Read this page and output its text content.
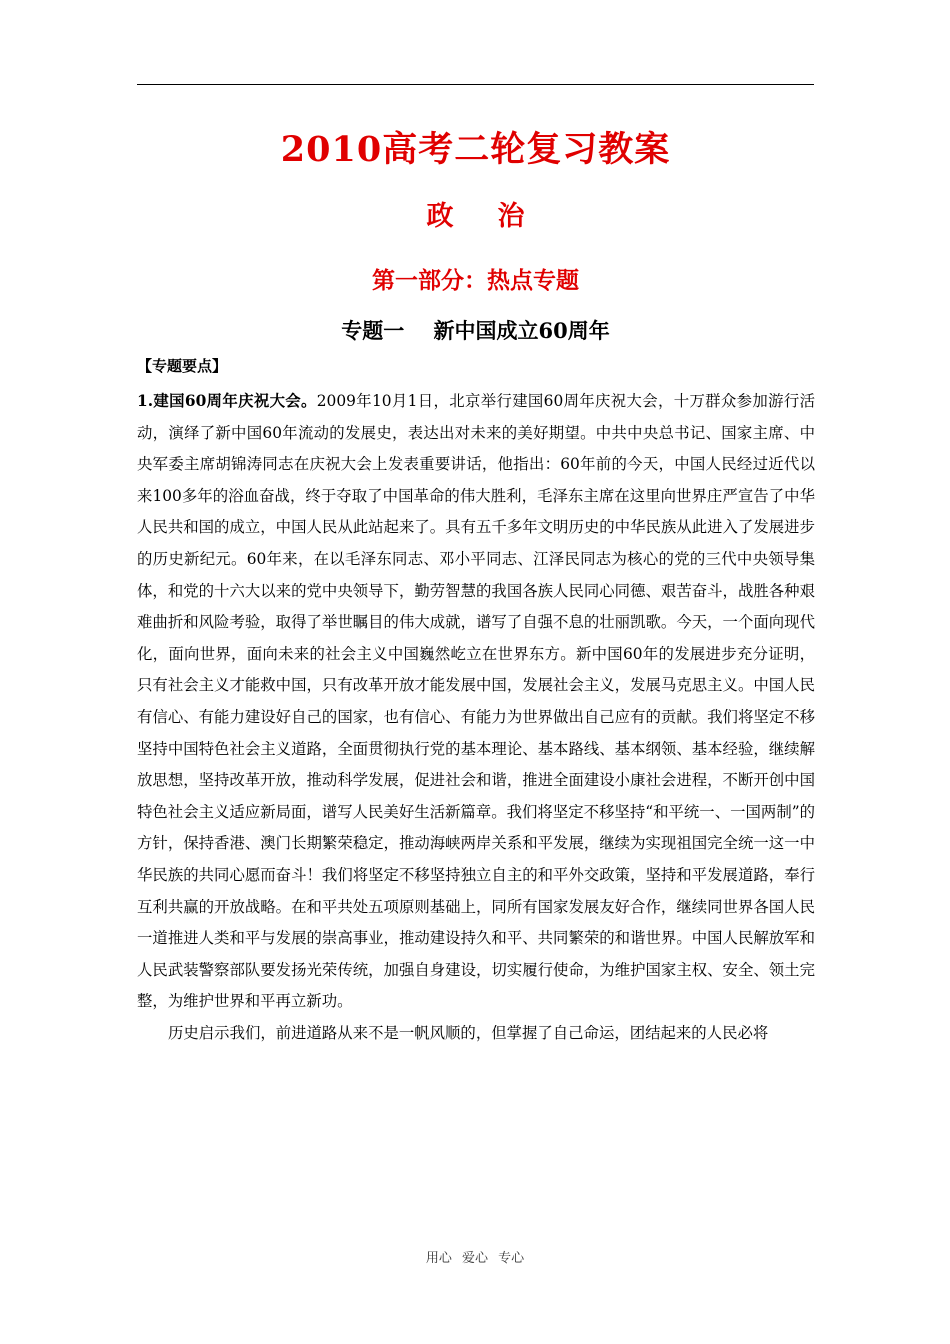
2010高考二轮复习教案
政治
第一部分：热点专题
专题一    新中国成立60周年
【专题要点】

1.建国60周年庆祝大会。2009年10月1日，北京举行建国60周年庆祝大会，十万群众参加游行活动，演绎了新中国60年流动的发展史，表达出对未来的美好期望。中共中央总书记、国家主席、中央军委主席胡锦涛同志在庆祝大会上发表重要讲话，他指出：60年前的今天，中国人民经过近代以来100多年的浴血奋战，终于夺取了中国革命的伟大胜利，毛泽东主席在这里向世界庄严宣告了中华人民共和国的成立，中国人民从此站起来了。具有五千多年文明历史的中华民族从此进入了发展进步的历史新纪元。60年来，在以毛泽东同志、邓小平同志、江泽民同志为核心的党的三代中央领导集体，和党的十六大以来的党中央领导下，勤劳智慧的我国各族人民同心同德、艰苦奋斗，战胜各种艰难曲折和风险考验，取得了举世瞩目的伟大成就，谱写了自强不息的壮丽凯歌。今天，一个面向现代化，面向世界，面向未来的社会主义中国巍然屹立在世界东方。新中国60年的发展进步充分证明，只有社会主义才能救中国，只有改革开放才能发展中国，发展社会主义，发展马克思主义。中国人民有信心、有能力建设好自己的国家，也有信心、有能力为世界做出自己应有的贡献。我们将坚定不移坚持中国特色社会主义道路，全面贯彻执行党的基本理论、基本路线、基本纲领、基本经验，继续解放思想，坚持改革开放，推动科学发展，促进社会和谐，推进全面建设小康社会进程，不断开创中国特色社会主义适应新局面，谱写人民美好生活新篇章。我们将坚定不移坚持“和平统一、一国两制”的方针，保持香港、澳门长期繁荣稳定，推动海峡两岸关系和平发展，继续为实现祖国完全统一这一中华民族的共同心愿而奋斗！我们将坚定不移坚持独立自主的和平外交政策，坚持和平发展道路，奉行互利共赢的开放战略。在和平共处五项原则基础上，同所有国家发展友好合作，继续同世界各国人民一道推进人类和平与发展的崇高事业，推动建设持久和平、共同繁荣的和谐世界。中国人民解放军和人民武装警察部队要发扬光荣传统，加强自身建设，切实履行使命，为维护国家主权、安全、领土完整，为维护世界和平再立新功。

历史启示我们，前进道路从来不是一帆风顺的，但掌握了自己命运，团结起来的人民必将

用心 爱心 专心
